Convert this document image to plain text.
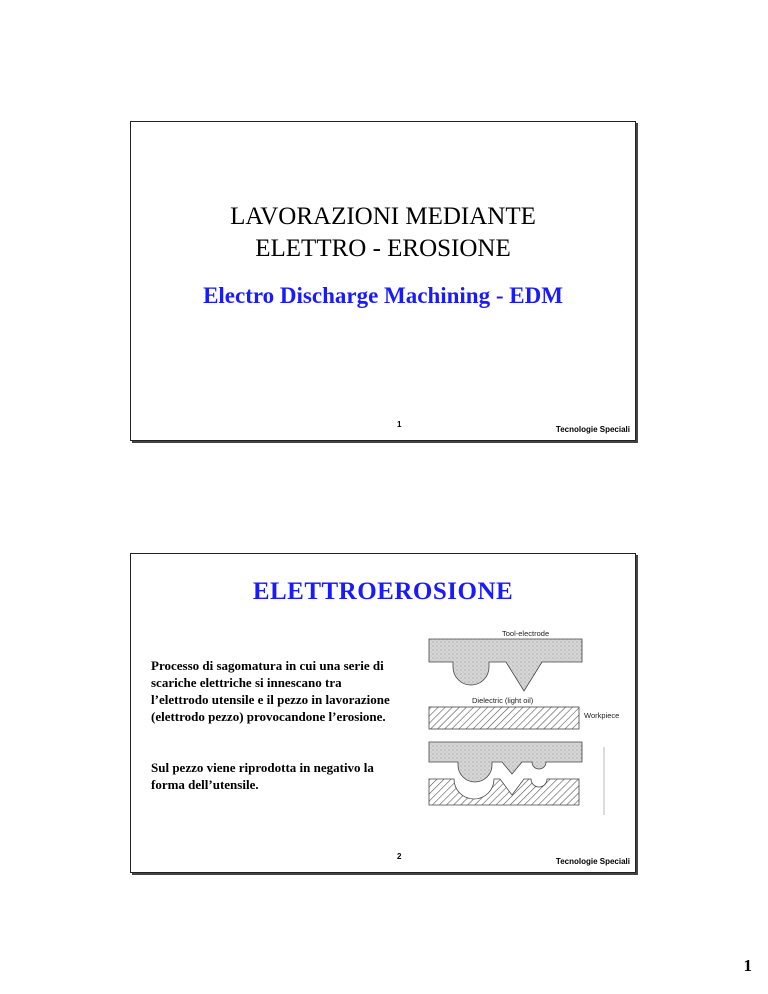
LAVORAZIONI MEDIANTE
ELETTRO - EROSIONE
Electro Discharge Machining - EDM
1
Tecnologie Speciali
ELETTROEROSIONE
Processo di sagomatura in cui una serie di scariche elettriche si innescano tra l’elettrodo utensile e il pezzo in lavorazione (elettrodo pezzo) provocandone l’erosione.
Sul pezzo viene riprodotta in negativo la forma dell’utensile.
Tool-electrode
Dielectric (light oil)
Workpiece
2
Tecnologie Speciali
1
